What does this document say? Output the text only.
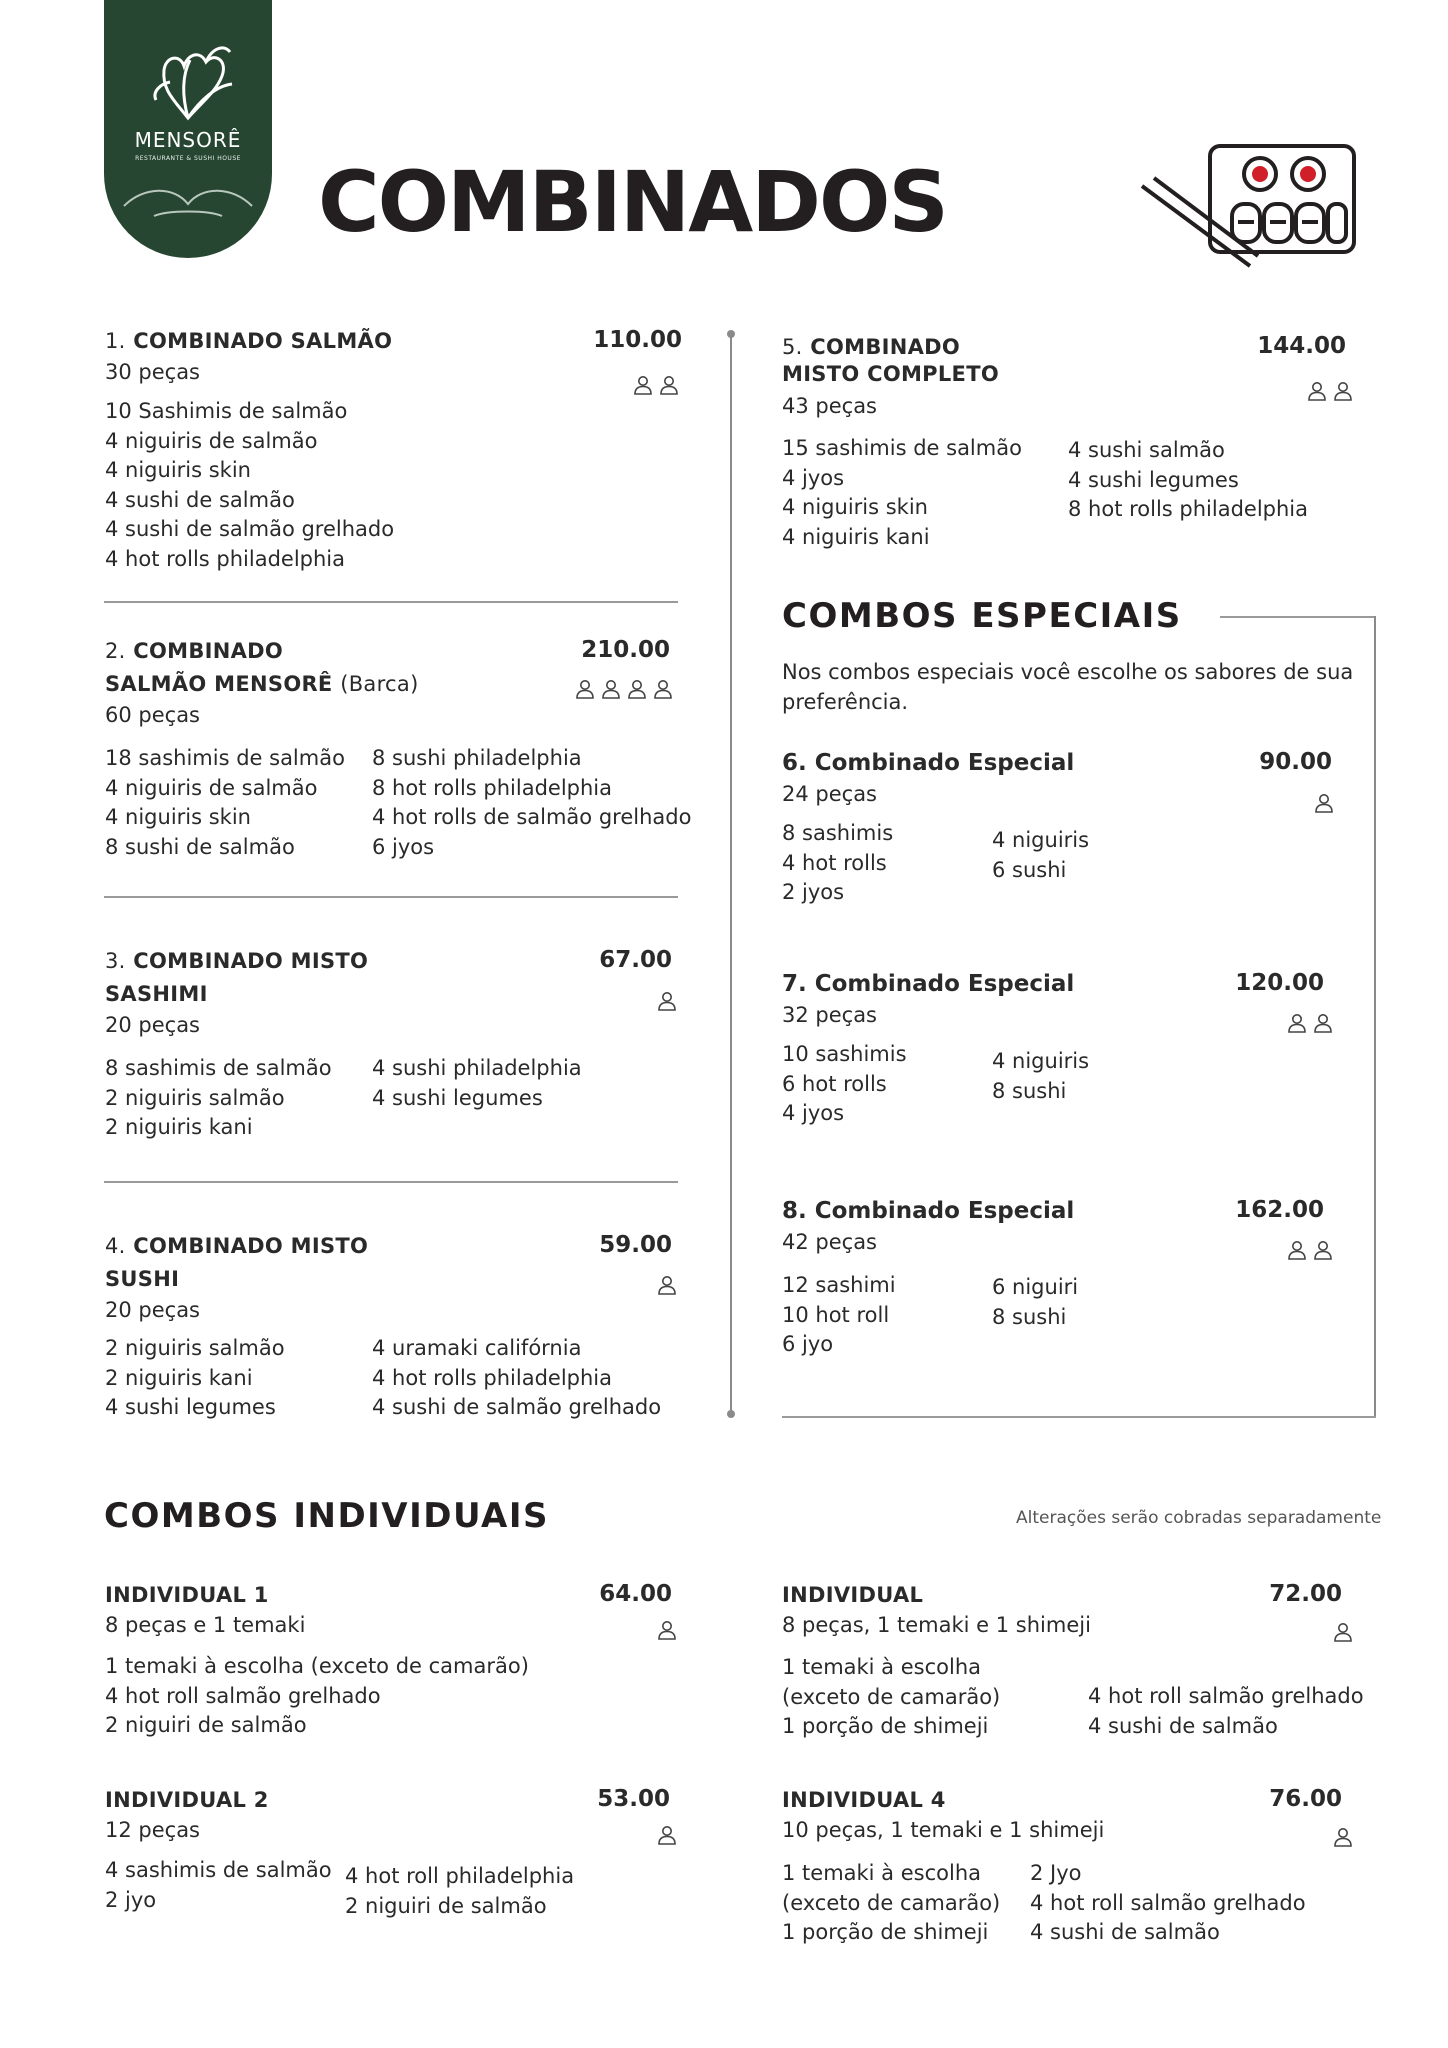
MENSORÊ
RESTAURANTE & SUSHI HOUSE COMBINADOS
1. COMBINADO SALMÃO	110.00
30 peças
10 Sashimis de salmão
4 niguiris de salmão
4 niguiris skin
4 sushi de salmão
4 sushi de salmão grelhado
4 hot rolls philadelphia
2. COMBINADO
SALMÃO MENSORÊ (Barca)
210.00
60 peças
18 sashimis de salmão
4 niguiris de salmão
4 niguiris skin
8 sushi de salmão
8 sushi philadelphia
8 hot rolls philadelphia
4 hot rolls de salmão grelhado
6 jyos
3. COMBINADO MISTO
SASHIMI
67.00
20 peças
8 sashimis de salmão
2 niguiris salmão
2 niguiris kani
4 sushi philadelphia
4 sushi legumes
4. COMBINADO MISTO
SUSHI
59.00
20 peças
2 niguiris salmão
2 niguiris kani
4 sushi legumes
4 uramaki califórnia
4 hot rolls philadelphia
4 sushi de salmão grelhado
5. COMBINADO
MISTO COMPLETO
144.00
43 peças
15 sashimis de salmão
4 jyos
4 niguiris skin
4 niguiris kani
4 sushi salmão
4 sushi legumes
8 hot rolls philadelphia
COMBOS ESPECIAIS
Nos combos especiais você escolhe os sabores de sua
preferência.
6. Combinado Especial	90.00
24 peças
8 sashimis
4 hot rolls
2 jyos
4 niguiris
6 sushi
7. Combinado Especial	120.00
32 peças
10 sashimis
6 hot rolls
4 jyos
4 niguiris
8 sushi
8. Combinado Especial	162.00
42 peças
12 sashimi
10 hot roll
6 jyo
6 niguiri
8 sushi
COMBOS INDIVIDUAIS	Alterações serão cobradas separadamente
INDIVIDUAL 1	64.00
8 peças e 1 temaki
1 temaki à escolha (exceto de camarão)
4 hot roll salmão grelhado
2 niguiri de salmão
INDIVIDUAL	72.00
8 peças, 1 temaki e 1 shimeji
1 temaki à escolha
(exceto de camarão)
1 porção de shimeji
4 hot roll salmão grelhado
4 sushi de salmão
INDIVIDUAL 2	53.00
12 peças
4 sashimis de salmão
2 jyo
4 hot roll philadelphia
2 niguiri de salmão
INDIVIDUAL 4	76.00
10 peças, 1 temaki e 1 shimeji
1 temaki à escolha
(exceto de camarão)
1 porção de shimeji
2 Jyo
4 hot roll salmão grelhado
4 sushi de salmão
